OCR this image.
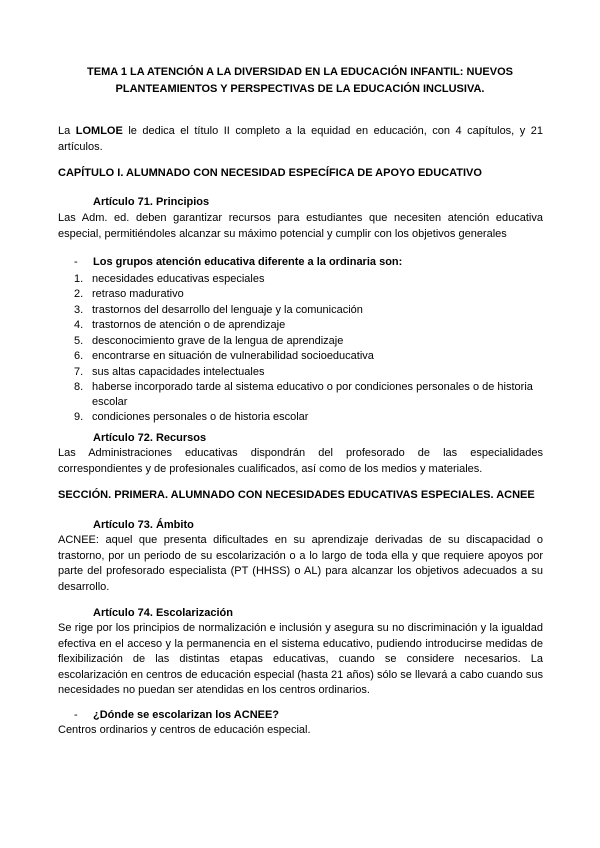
TEMA 1 LA ATENCIÓN A LA DIVERSIDAD EN LA EDUCACIÓN INFANTIL: NUEVOS
PLANTEAMIENTOS Y PERSPECTIVAS DE LA EDUCACIÓN INCLUSIVA.
La LOMLOE le dedica el título II completo a la equidad en educación, con 4 capítulos, y 21 artículos.
CAPÍTULO I. ALUMNADO CON NECESIDAD ESPECÍFICA DE APOYO EDUCATIVO
Artículo 71. Principios
Las Adm. ed. deben garantizar recursos para estudiantes que necesiten atención educativa especial, permitiéndoles alcanzar su máximo potencial y cumplir con los objetivos generales
- Los grupos atención educativa diferente a la ordinaria son:
1. necesidades educativas especiales
2. retraso madurativo
3. trastornos del desarrollo del lenguaje y la comunicación
4. trastornos de atención o de aprendizaje
5. desconocimiento grave de la lengua de aprendizaje
6. encontrarse en situación de vulnerabilidad socioeducativa
7. sus altas capacidades intelectuales
8. haberse incorporado tarde al sistema educativo o por condiciones personales o de historia escolar
9. condiciones personales o de historia escolar
Artículo 72. Recursos
Las Administraciones educativas dispondrán del profesorado de las especialidades correspondientes y de profesionales cualificados, así como de los medios y materiales.
SECCIÓN. PRIMERA. ALUMNADO CON NECESIDADES EDUCATIVAS ESPECIALES. ACNEE
Artículo 73. Ámbito
ACNEE: aquel que presenta dificultades en su aprendizaje derivadas de su discapacidad o trastorno, por un periodo de su escolarización o a lo largo de toda ella y que requiere apoyos por parte del profesorado especialista (PT (HHSS) o AL) para alcanzar los objetivos adecuados a su desarrollo.
Artículo 74. Escolarización
Se rige por los principios de normalización e inclusión y asegura su no discriminación y la igualdad efectiva en el acceso y la permanencia en el sistema educativo, pudiendo introducirse medidas de flexibilización de las distintas etapas educativas, cuando se considere necesarios. La escolarización en centros de educación especial (hasta 21 años) sólo se llevará a cabo cuando sus necesidades no puedan ser atendidas en los centros ordinarios.
- ¿Dónde se escolarizan los ACNEE?
Centros ordinarios y centros de educación especial.
